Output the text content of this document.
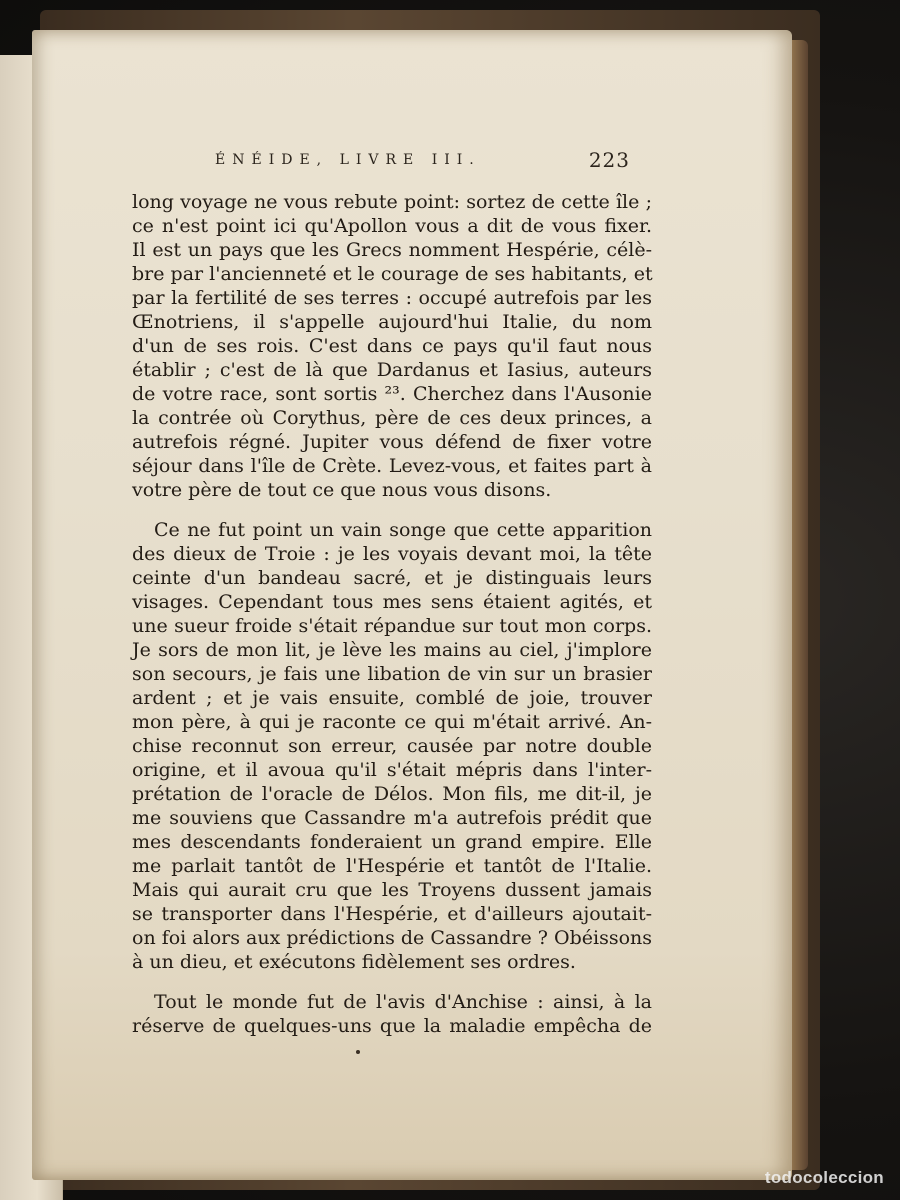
ÉNÉIDE, LIVRE III.	223
long voyage ne vous rebute point: sortez de cette île ;
ce n'est point ici qu'Apollon vous a dit de vous fixer.
Il est un pays que les Grecs nomment Hespérie, célè-
bre par l'ancienneté et le courage de ses habitants, et
par la fertilité de ses terres : occupé autrefois par les
Œnotriens, il s'appelle aujourd'hui Italie, du nom
d'un de ses rois. C'est dans ce pays qu'il faut nous
établir ; c'est de là que Dardanus et Iasius, auteurs
de votre race, sont sortis ²³. Cherchez dans l'Ausonie
la contrée où Corythus, père de ces deux princes, a
autrefois régné. Jupiter vous défend de fixer votre
séjour dans l'île de Crète. Levez-vous, et faites part à
votre père de tout ce que nous vous disons.
Ce ne fut point un vain songe que cette apparition
des dieux de Troie : je les voyais devant moi, la tête
ceinte d'un bandeau sacré, et je distinguais leurs
visages. Cependant tous mes sens étaient agités, et
une sueur froide s'était répandue sur tout mon corps.
Je sors de mon lit, je lève les mains au ciel, j'implore
son secours, je fais une libation de vin sur un brasier
ardent ; et je vais ensuite, comblé de joie, trouver
mon père, à qui je raconte ce qui m'était arrivé. An-
chise reconnut son erreur, causée par notre double
origine, et il avoua qu'il s'était mépris dans l'inter-
prétation de l'oracle de Délos. Mon fils, me dit-il, je
me souviens que Cassandre m'a autrefois prédit que
mes descendants fonderaient un grand empire. Elle
me parlait tantôt de l'Hespérie et tantôt de l'Italie.
Mais qui aurait cru que les Troyens dussent jamais
se transporter dans l'Hespérie, et d'ailleurs ajoutait-
on foi alors aux prédictions de Cassandre ? Obéissons
à un dieu, et exécutons fidèlement ses ordres.
Tout le monde fut de l'avis d'Anchise : ainsi, à la
réserve de quelques-uns que la maladie empêcha de
todocoleccion
